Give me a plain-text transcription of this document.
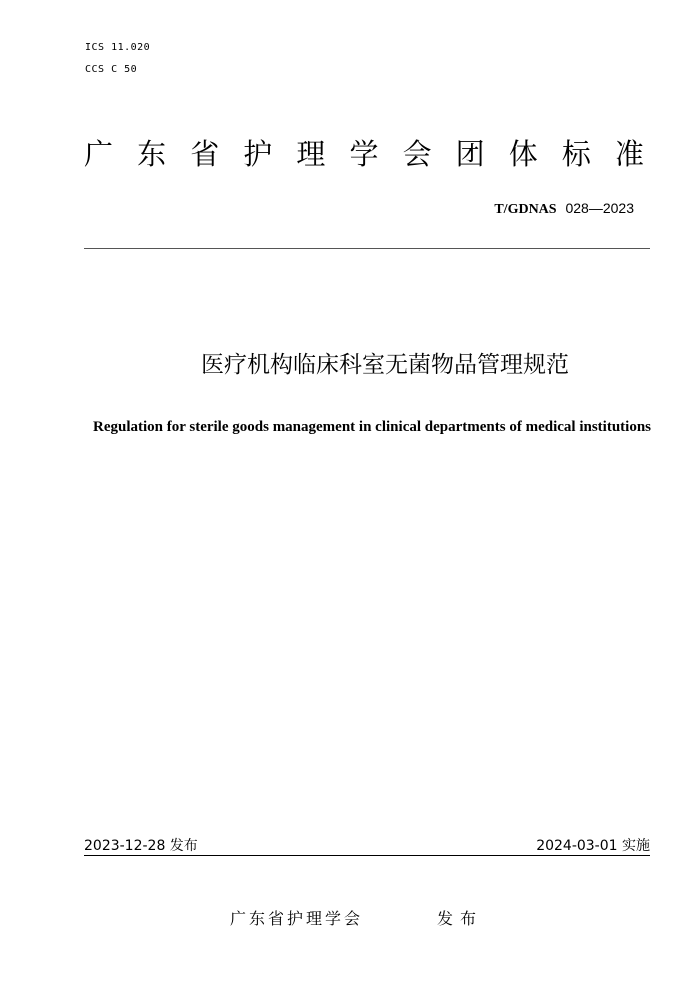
ICS 11.020
CCS C 50
广 东 省 护 理 学 会 团 体 标 准
T/GDNAS 028—2023
医疗机构临床科室无菌物品管理规范
Regulation for sterile goods management in clinical departments of medical institutions
2023-12-28 发布	2024-03-01 实施
广东省护理学会	发布
